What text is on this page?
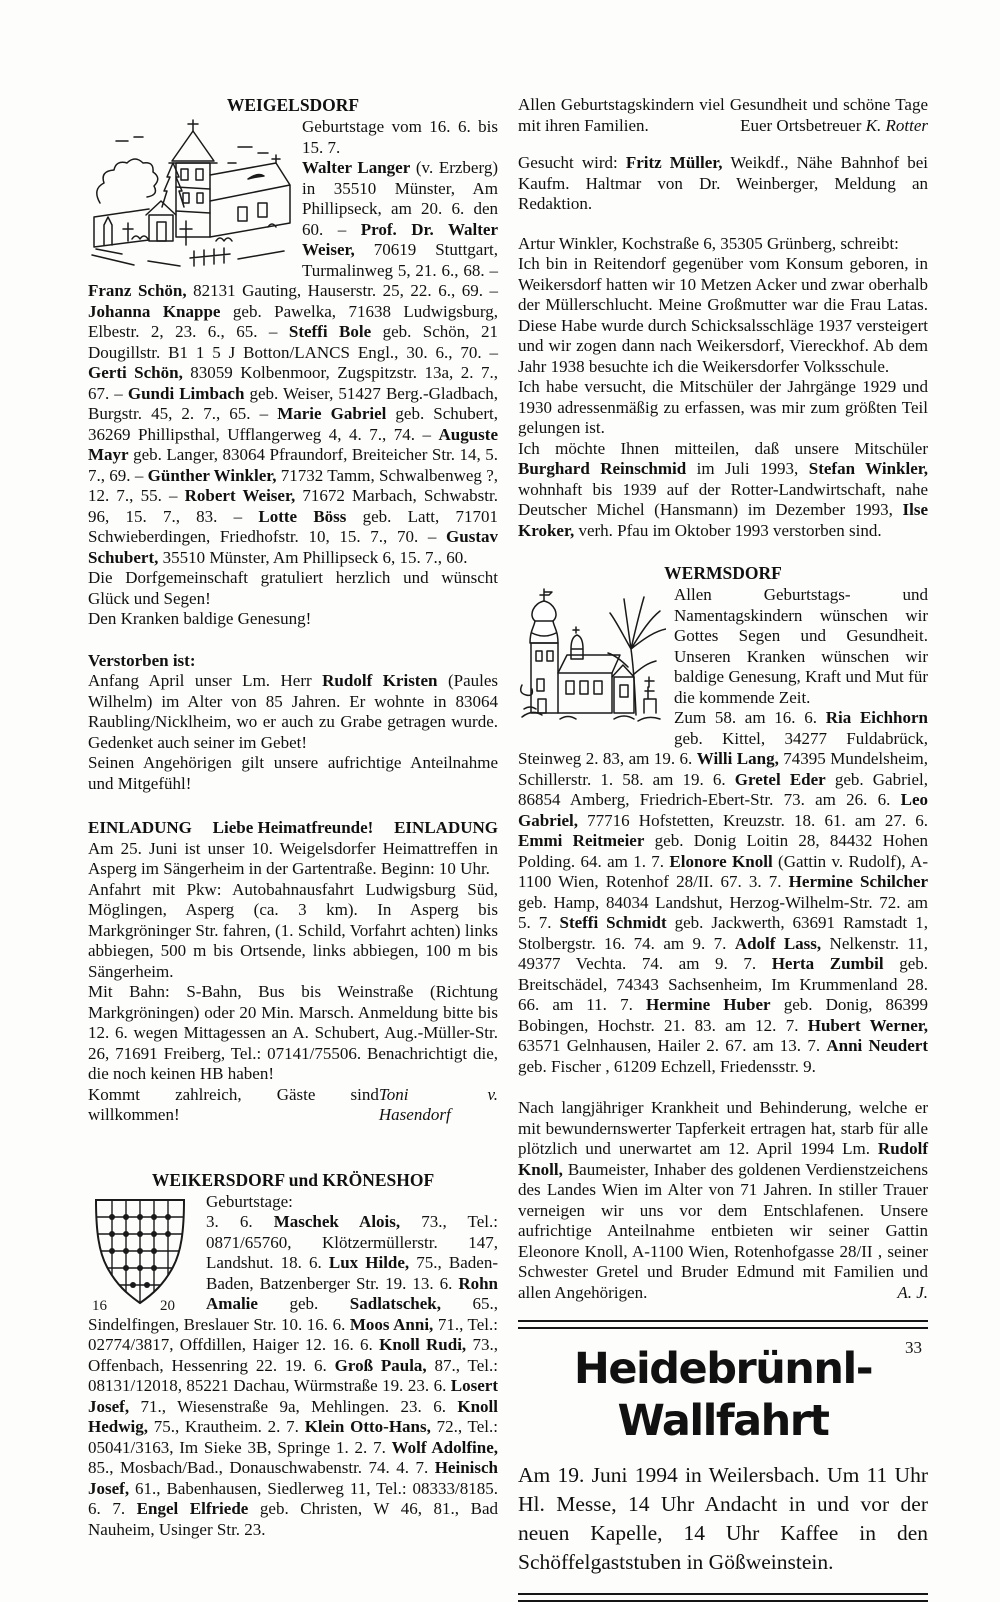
WEIGELSDORF

Geburtstage vom 16. 6. bis 15. 7.

Walter Langer (v. Erzberg) in 35510 Münster, Am Phillipseck, am 20. 6. den 60. – Prof. Dr. Walter Weiser, 70619 Stuttgart, Turmalinweg 5, 21. 6., 68. – Franz Schön, 82131 Gauting, Hauserstr. 25, 22. 6., 69. – Johanna Knappe geb. Pawelka, 71638 Ludwigsburg, Elbestr. 2, 23. 6., 65. – Steffi Bole geb. Schön, 21 Dougillstr. B1 1 5 J Botton/LANCS Engl., 30. 6., 70. – Gerti Schön, 83059 Kolbenmoor, Zugspitzstr. 13a, 2. 7., 67. – Gundi Limbach geb. Weiser, 51427 Berg.-Gladbach, Burgstr. 45, 2. 7., 65. – Marie Gabriel geb. Schubert, 36269 Phillipsthal, Ufflangerweg 4, 4. 7., 74. – Auguste Mayr geb. Langer, 83064 Pfraundorf, Breiteicher Str. 14, 5. 7., 69. – Günther Winkler, 71732 Tamm, Schwalbenweg ?, 12. 7., 55. – Robert Weiser, 71672 Marbach, Schwabstr. 96, 15. 7., 83. – Lotte Böss geb. Latt, 71701 Schwieberdingen, Friedhofstr. 10, 15. 7., 70. – Gustav Schubert, 35510 Münster, Am Phillipseck 6, 15. 7., 60.

Die Dorfgemeinschaft gratuliert herzlich und wünscht Glück und Segen!

Den Kranken baldige Genesung!

Verstorben ist:

Anfang April unser Lm. Herr Rudolf Kristen (Paules Wilhelm) im Alter von 85 Jahren. Er wohnte in 83064 Raubling/Nicklheim, wo er auch zu Grabe getragen wurde. Gedenket auch seiner im Gebet!

Seinen Angehörigen gilt unsere aufrichtige Anteilnahme und Mitgefühl!

EINLADUNG Liebe Heimatfreunde! EINLADUNG

Am 25. Juni ist unser 10. Weigelsdorfer Heimattreffen in Asperg im Sängerheim in der Gartentraße. Beginn: 10 Uhr.

Anfahrt mit Pkw: Autobahnausfahrt Ludwigsburg Süd, Möglingen, Asperg (ca. 3 km). In Asperg bis Markgröninger Str. fahren, (1. Schild, Vorfahrt achten) links abbiegen, 500 m bis Ortsende, links abbiegen, 100 m bis Sängerheim.

Mit Bahn: S-Bahn, Bus bis Weinstraße (Richtung Markgröningen) oder 20 Min. Marsch. Anmeldung bitte bis 12. 6. wegen Mittagessen an A. Schubert, Aug.-Müller-Str. 26, 71691 Freiberg, Tel.: 07141/75506. Benachrichtigt die, die noch keinen HB haben!

Kommt zahlreich, Gäste sind willkommen!
Toni v. Hasendorf
WEIKERSDORF und KRÖNESHOF
16	20

Geburtstage:

3. 6. Maschek Alois, 73., Tel.: 0871/65760, Klötzermüllerstr. 147, Landshut. 18. 6. Lux Hilde, 75., Baden-Baden, Batzenberger Str. 19. 13. 6. Rohn Amalie geb. Sadlatschek, 65., Sindelfingen, Breslauer Str. 10. 16. 6. Moos Anni, 71., Tel.: 02774/3817, Offdillen, Haiger 12. 16. 6. Knoll Rudi, 73., Offenbach, Hessenring 22. 19. 6. Groß Paula, 87., Tel.: 08131/12018, 85221 Dachau, Würmstraße 19. 23. 6. Losert Josef, 71., Wiesenstraße 9a, Mehlingen. 23. 6. Knoll Hedwig, 75., Krautheim. 2. 7. Klein Otto-Hans, 72., Tel.: 05041/3163, Im Sieke 3B, Springe 1. 2. 7. Wolf Adolfine, 85., Mosbach/Bad., Donauschwabenstr. 74. 4. 7. Heinisch Josef, 61., Babenhausen, Siedlerweg 11, Tel.: 08333/8185. 6. 7. Engel Elfriede geb. Christen, W 46, 81., Bad Nauheim, Usinger Str. 23.

Allen Geburtstagskindern viel Gesundheit und schöne Tage mit ihren Familien.	Euer Ortsbetreuer K. Rotter

Gesucht wird: Fritz Müller, Weikdf., Nähe Bahnhof bei Kaufm. Haltmar von Dr. Weinberger, Meldung an Redaktion.

Artur Winkler, Kochstraße 6, 35305 Grünberg, schreibt:

Ich bin in Reitendorf gegenüber vom Konsum geboren, in Weikersdorf hatten wir 10 Metzen Acker und zwar oberhalb der Müllerschlucht. Meine Großmutter war die Frau Latas. Diese Habe wurde durch Schicksalsschläge 1937 versteigert und wir zogen dann nach Weikersdorf, Viereckhof. Ab dem Jahr 1938 besuchte ich die Weikersdorfer Volksschule.

Ich habe versucht, die Mitschüler der Jahrgänge 1929 und 1930 adressenmäßig zu erfassen, was mir zum größten Teil gelungen ist.

Ich möchte Ihnen mitteilen, daß unsere Mitschüler Burghard Reinschmid im Juli 1993, Stefan Winkler, wohnhaft bis 1939 auf der Rotter-Landwirtschaft, nahe Deutscher Michel (Hansmann) im Dezember 1993, Ilse Kroker, verh. Pfau im Oktober 1993 verstorben sind.

WERMSDORF

Allen Geburtstags- und Namentagskindern wünschen wir Gottes Segen und Gesundheit. Unseren Kranken wünschen wir baldige Genesung, Kraft und Mut für die kommende Zeit.

Zum 58. am 16. 6. Ria Eichhorn geb. Kittel, 34277 Fuldabrück, Steinweg 2. 83, am 19. 6. Willi Lang, 74395 Mundelsheim, Schillerstr. 1. 58. am 19. 6. Gretel Eder geb. Gabriel, 86854 Amberg, Friedrich-Ebert-Str. 73. am 26. 6. Leo Gabriel, 77716 Hofstetten, Kreuzstr. 18. 61. am 27. 6. Emmi Reitmeier geb. Donig Loitin 28, 84432 Hohen Polding. 64. am 1. 7. Elonore Knoll (Gattin v. Rudolf), A-1100 Wien, Rotenhof 28/II. 67. 3. 7. Hermine Schilcher geb. Hamp, 84034 Landshut, Herzog-Wilhelm-Str. 72. am 5. 7. Steffi Schmidt geb. Jackwerth, 63691 Ramstadt 1, Stolbergstr. 16. 74. am 9. 7. Adolf Lass, Nelkenstr. 11, 49377 Vechta. 74. am 9. 7. Herta Zumbil geb. Breitschädel, 74343 Sachsenheim, Im Krummenland 28. 66. am 11. 7. Hermine Huber geb. Donig, 86399 Bobingen, Hochstr. 21. 83. am 12. 7. Hubert Werner, 63571 Gelnhausen, Hailer 2. 67. am 13. 7. Anni Neudert geb. Fischer , 61209 Echzell, Friedensstr. 9.

Nach langjähriger Krankheit und Behinderung, welche er mit bewundernswerter Tapferkeit ertragen hat, starb für alle plötzlich und unerwartet am 12. April 1994 Lm. Rudolf Knoll, Baumeister, Inhaber des goldenen Verdienstzeichens des Landes Wien im Alter von 71 Jahren. In stiller Trauer verneigen wir uns vor dem Entschlafenen. Unsere aufrichtige Anteilnahme entbieten wir seiner Gattin Eleonore Knoll, A-1100 Wien, Rotenhofgasse 28/II , seiner Schwester Gretel und Bruder Edmund mit Familien und allen Angehörigen.	A. J.

Heidebrünnl-Wallfahrt

Am 19. Juni 1994 in Weilersbach. Um 11 Uhr Hl. Messe, 14 Uhr Andacht in und vor der neuen Kapelle, 14 Uhr Kaffee in den Schöffelgaststuben in Gößweinstein.

33
